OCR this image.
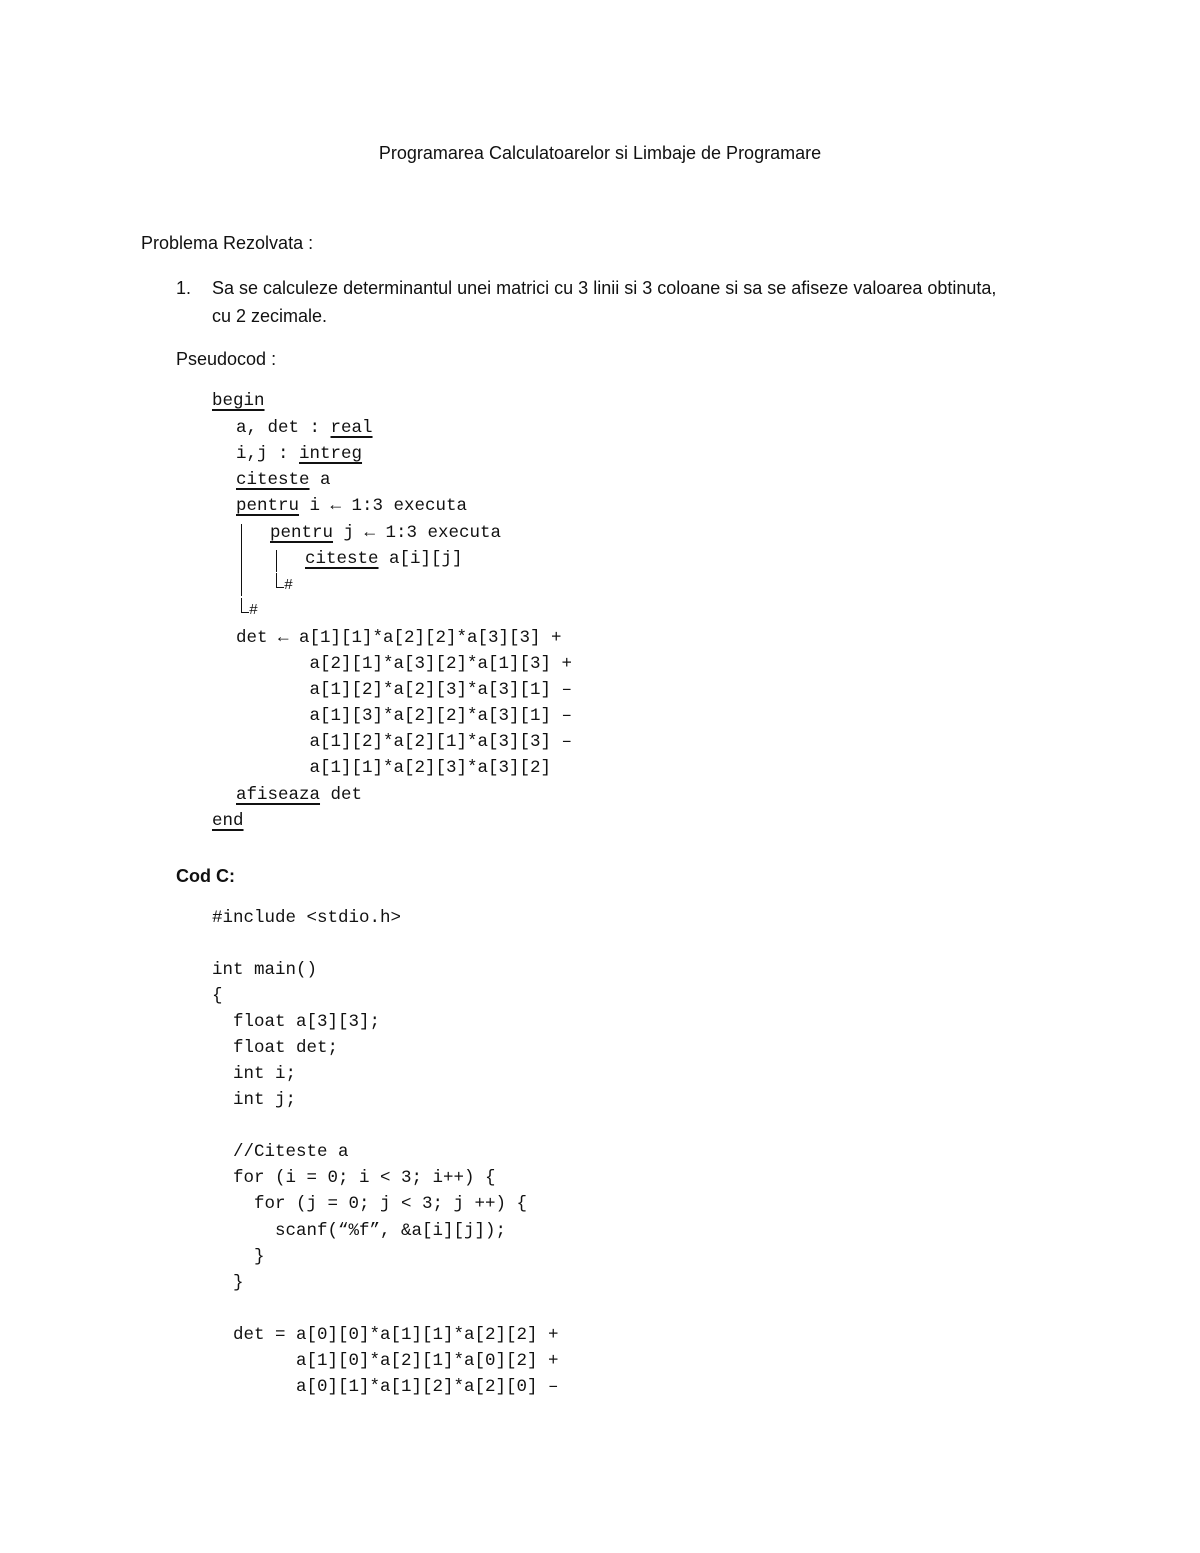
Programarea Calculatoarelor si Limbaje de Programare
Problema Rezolvata :
1. Sa se calculeze determinantul unei matrici cu 3 linii si 3 coloane si sa se afiseze valoarea obtinuta,
cu 2 zecimale.
Pseudocod :
begin
a, det : real
i,j : intreg
citeste a
pentru i ← 1:3 executa
pentru j ← 1:3 executa
citeste a[i][j]
#
#
det ← a[1][1]*a[2][2]*a[3][3] +
a[2][1]*a[3][2]*a[1][3] +
a[1][2]*a[2][3]*a[3][1] –
a[1][3]*a[2][2]*a[3][1] –
a[1][2]*a[2][1]*a[3][3] –
a[1][1]*a[2][3]*a[3][2]
afiseaza det
end
Cod C:
#include <stdio.h>
int main()
{
float a[3][3];
float det;
int i;
int j;
//Citeste a
for (i = 0; i < 3; i++) {
for (j = 0; j < 3; j ++) {
scanf(“%f”, &a[i][j]);
}
}
det = a[0][0]*a[1][1]*a[2][2] +
a[1][0]*a[2][1]*a[0][2] +
a[0][1]*a[1][2]*a[2][0] –
